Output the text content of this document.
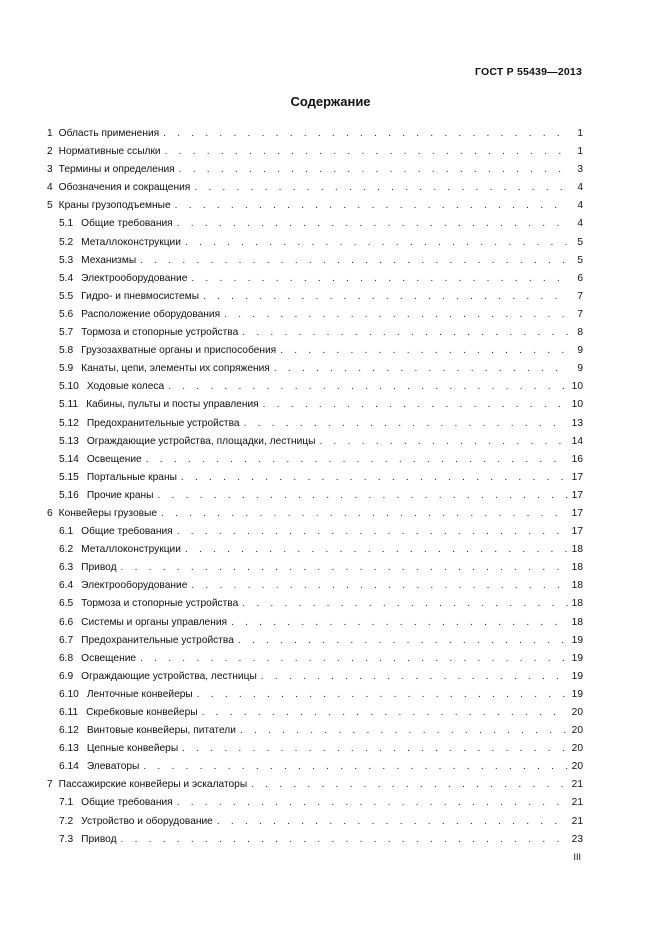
ГОСТ Р 55439—2013
Содержание
1 Область применения . . .	1
2 Нормативные ссылки . . .	1
3 Термины и определения . . .	3
4 Обозначения и сокращения . . .	4
5 Краны грузоподъемные . . .	4
5.1 Общие требования . . .	4
5.2 Металлоконструкции . . .	5
5.3 Механизмы . . .	5
5.4 Электрооборудование . . .	6
5.5 Гидро- и пневмосистемы . . .	7
5.6 Расположение оборудования . . .	7
5.7 Тормоза и стопорные устройства . . .	8
5.8 Грузозахватные органы и приспособения . . .	9
5.9 Канаты, цепи, элементы их сопряжения . . .	9
5.10 Ходовые колеса . . .	10
5.11 Кабины, пульты и посты управления . . .	10
5.12 Предохранительные устройства . . .	13
5.13 Ограждающие устройства, площадки, лестницы . . .	14
5.14 Освещение . . .	16
5.15 Портальные краны . . .	17
5.16 Прочие краны . . .	17
6 Конвейеры грузовые . . .	17
6.1 Общие требования . . .	17
6.2 Металлоконструкции . . .	18
6.3 Привод . . .	18
6.4 Электрооборудование . . .	18
6.5 Тормоза и стопорные устройства . . .	18
6.6 Системы и органы управления . . .	18
6.7 Предохранительные устройства . . .	19
6.8 Освещение . . .	19
6.9 Ограждающие устройства, лестницы . . .	19
6.10 Ленточные конвейеры . . .	19
6.11 Скребковые конвейеры . . .	20
6.12 Винтовые конвейеры, питатели . . .	20
6.13 Цепные конвейеры . . .	20
6.14 Элеваторы . . .	20
7 Пассажирские конвейеры и эскалаторы . . .	21
7.1 Общие требования . . .	21
7.2 Устройство и оборудование . . .	21
7.3 Привод . . .	23
III
